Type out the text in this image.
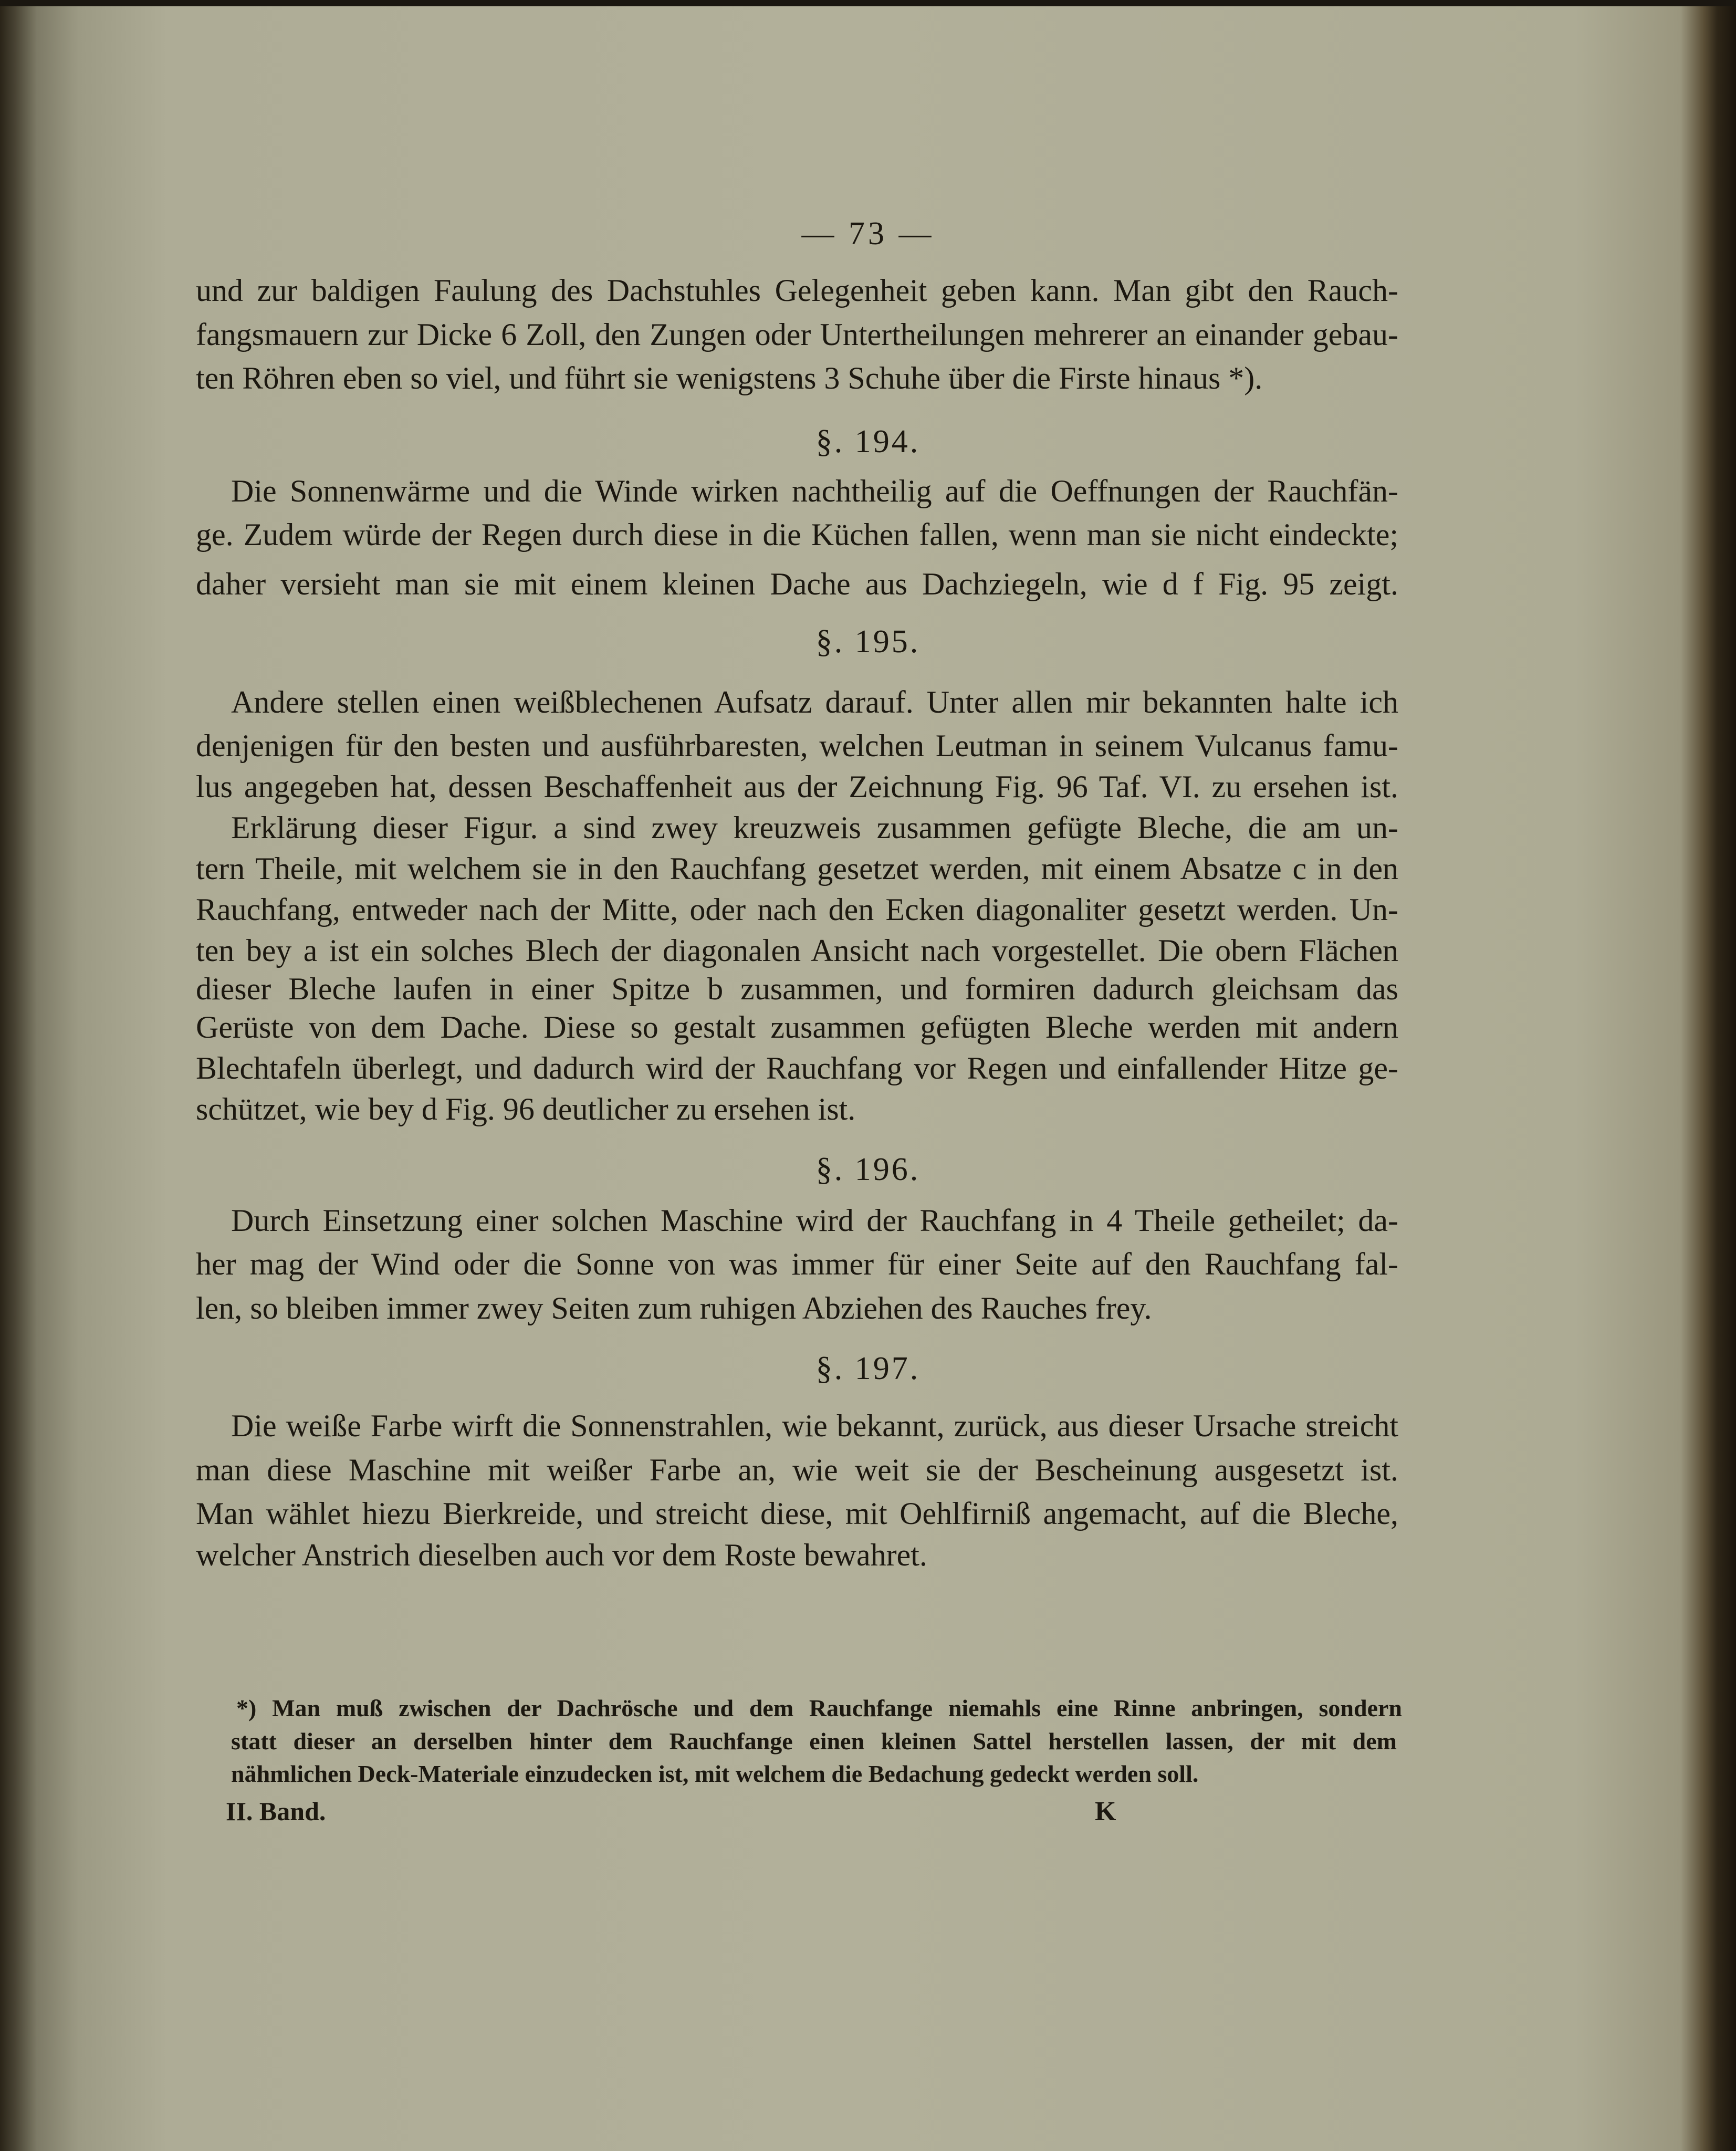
— 73 —
und zur baldigen Faulung des Dachstuhles Gelegenheit geben kann. Man gibt den Rauch-
fangsmauern zur Dicke 6 Zoll, den Zungen oder Untertheilungen mehrerer an einander gebau-
ten Röhren eben so viel, und führt sie wenigstens 3 Schuhe über die Firste hinaus *).
§. 194.
Die Sonnenwärme und die Winde wirken nachtheilig auf die Oeffnungen der Rauchfän-
ge. Zudem würde der Regen durch diese in die Küchen fallen, wenn man sie nicht eindeckte;
daher versieht man sie mit einem kleinen Dache aus Dachziegeln, wie d f Fig. 95 zeigt.
§. 195.
Andere stellen einen weißblechenen Aufsatz darauf. Unter allen mir bekannten halte ich
denjenigen für den besten und ausführbaresten, welchen Leutman in seinem Vulcanus famu-
lus angegeben hat, dessen Beschaffenheit aus der Zeichnung Fig. 96 Taf. VI. zu ersehen ist.
Erklärung dieser Figur. a sind zwey kreuzweis zusammen gefügte Bleche, die am un-
tern Theile, mit welchem sie in den Rauchfang gesetzet werden, mit einem Absatze c in den
Rauchfang, entweder nach der Mitte, oder nach den Ecken diagonaliter gesetzt werden. Un-
ten bey a ist ein solches Blech der diagonalen Ansicht nach vorgestellet. Die obern Flächen
dieser Bleche laufen in einer Spitze b zusammen, und formiren dadurch gleichsam das
Gerüste von dem Dache. Diese so gestalt zusammen gefügten Bleche werden mit andern
Blechtafeln überlegt, und dadurch wird der Rauchfang vor Regen und einfallender Hitze ge-
schützet, wie bey d Fig. 96 deutlicher zu ersehen ist.
§. 196.
Durch Einsetzung einer solchen Maschine wird der Rauchfang in 4 Theile getheilet; da-
her mag der Wind oder die Sonne von was immer für einer Seite auf den Rauchfang fal-
len, so bleiben immer zwey Seiten zum ruhigen Abziehen des Rauches frey.
§. 197.
Die weiße Farbe wirft die Sonnenstrahlen, wie bekannt, zurück, aus dieser Ursache streicht
man diese Maschine mit weißer Farbe an, wie weit sie der Bescheinung ausgesetzt ist.
Man wählet hiezu Bierkreide, und streicht diese, mit Oehlfirniß angemacht, auf die Bleche,
welcher Anstrich dieselben auch vor dem Roste bewahret.
*) Man muß zwischen der Dachrösche und dem Rauchfange niemahls eine Rinne anbringen, sondern
statt dieser an derselben hinter dem Rauchfange einen kleinen Sattel herstellen lassen, der mit dem
nähmlichen Deck-Materiale einzudecken ist, mit welchem die Bedachung gedeckt werden soll.
II. Band.	K
